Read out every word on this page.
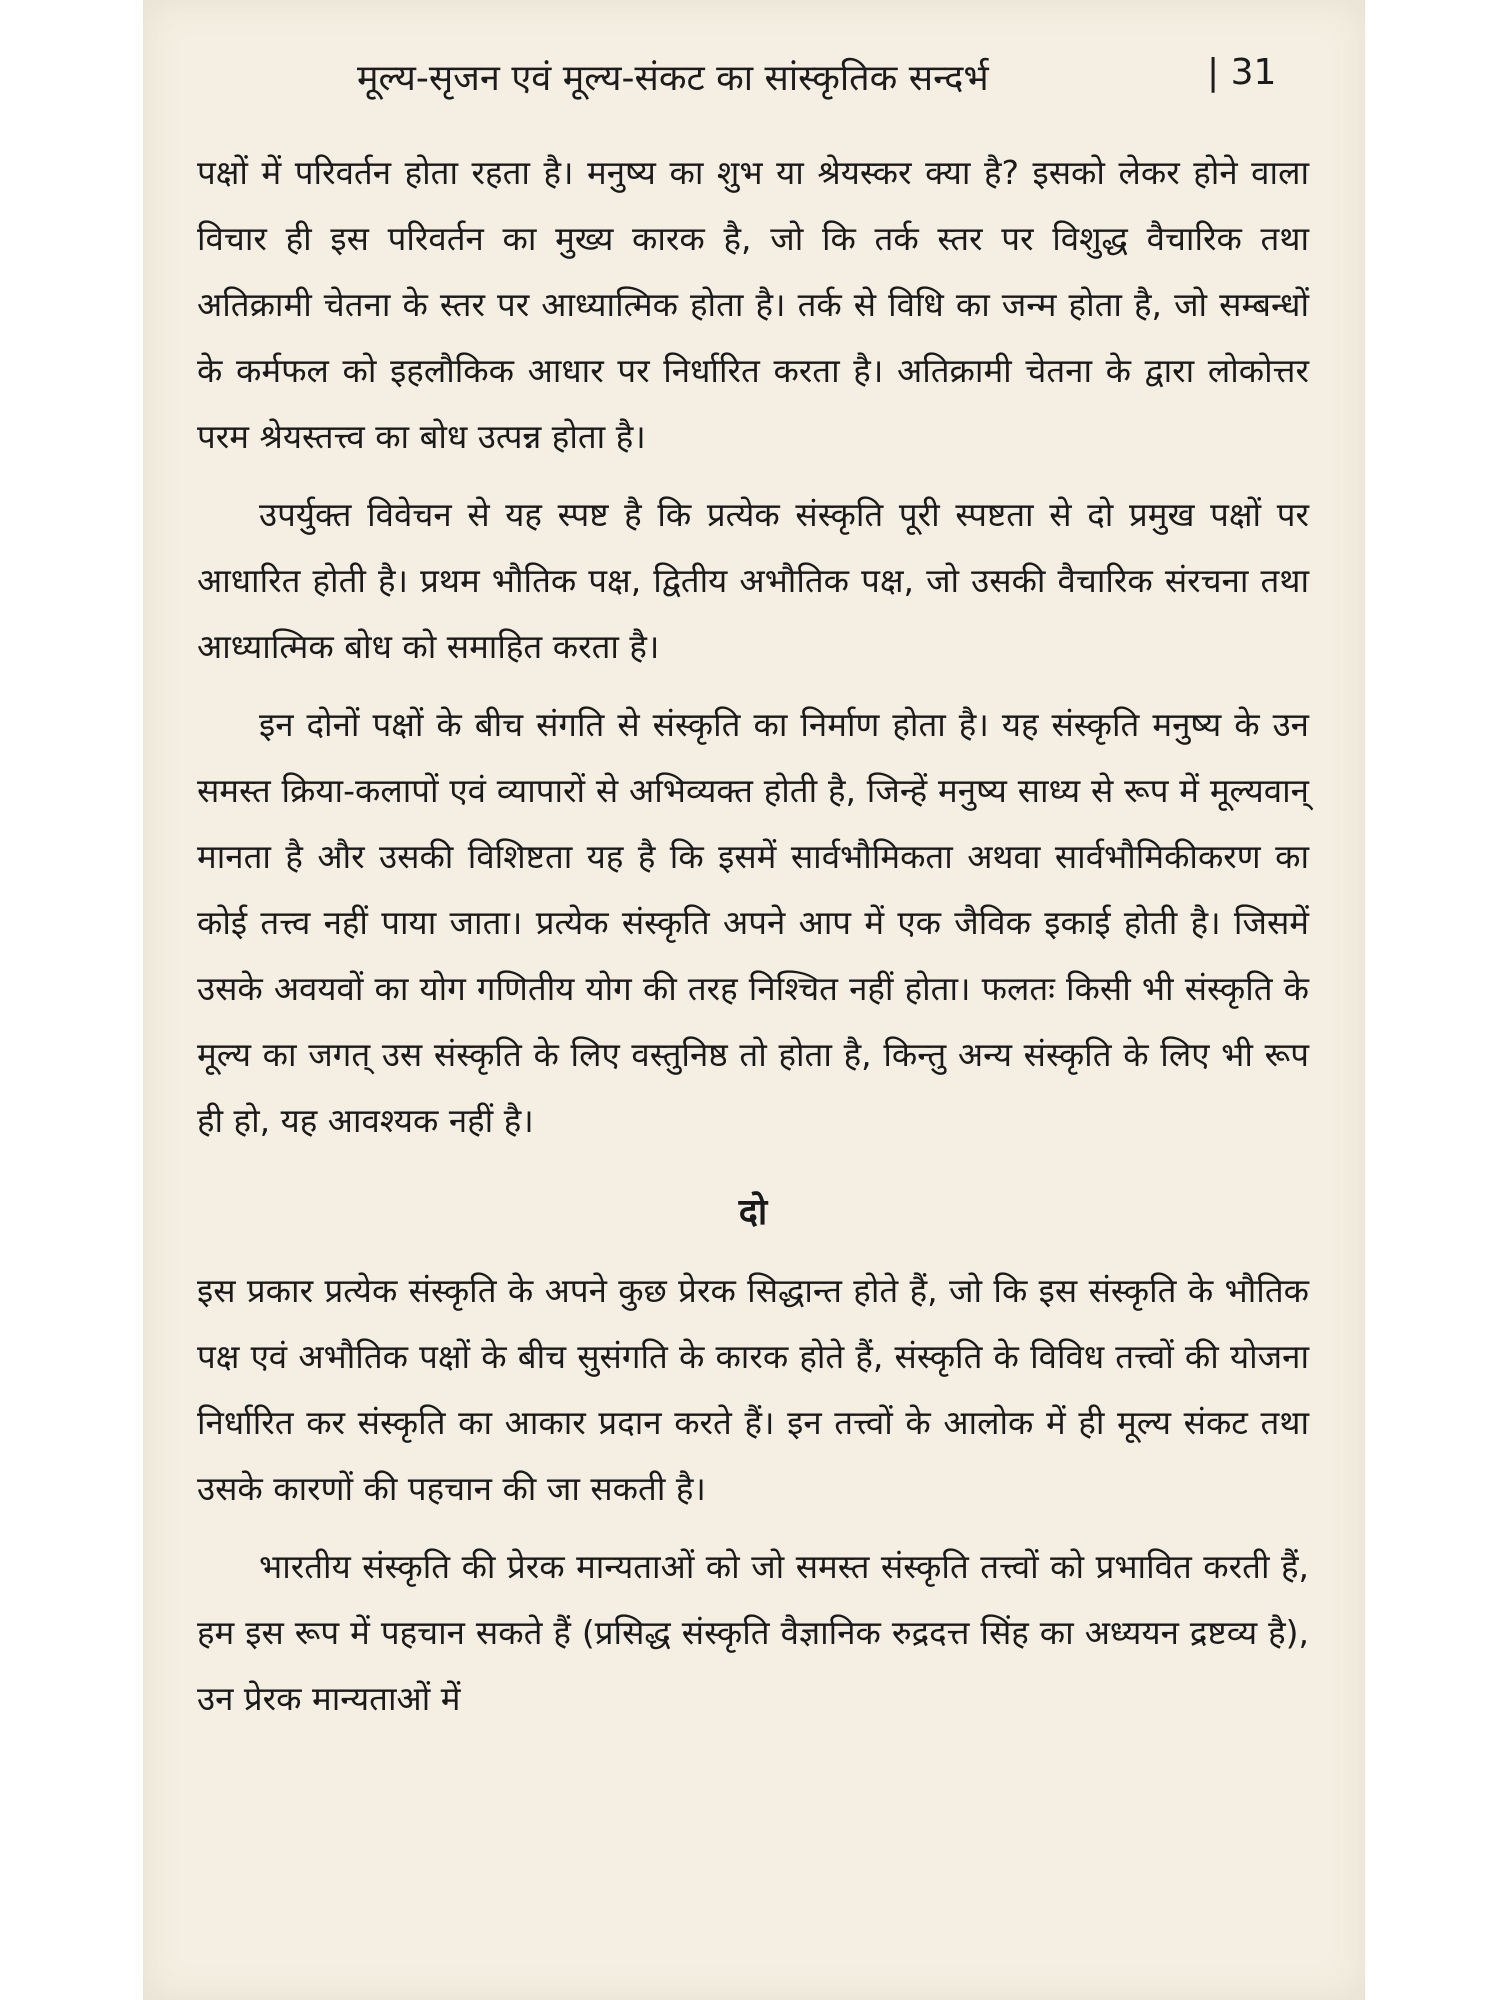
मूल्य-सृजन एवं मूल्य-संकट का सांस्कृतिक सन्दर्भ	| 31

पक्षों में परिवर्तन होता रहता है। मनुष्य का शुभ या श्रेयस्कर क्या है? इसको लेकर होने वाला विचार ही इस परिवर्तन का मुख्य कारक है, जो कि तर्क स्तर पर विशुद्ध वैचारिक तथा अतिक्रामी चेतना के स्तर पर आध्यात्मिक होता है। तर्क से विधि का जन्म होता है, जो सम्बन्धों के कर्मफल को इहलौकिक आधार पर निर्धारित करता है। अतिक्रामी चेतना के द्वारा लोकोत्तर परम श्रेयस्तत्त्व का बोध उत्पन्न होता है।

उपर्युक्त विवेचन से यह स्पष्ट है कि प्रत्येक संस्कृति पूरी स्पष्टता से दो प्रमुख पक्षों पर आधारित होती है। प्रथम भौतिक पक्ष, द्वितीय अभौतिक पक्ष, जो उसकी वैचारिक संरचना तथा आध्यात्मिक बोध को समाहित करता है।

इन दोनों पक्षों के बीच संगति से संस्कृति का निर्माण होता है। यह संस्कृति मनुष्य के उन समस्त क्रिया-कलापों एवं व्यापारों से अभिव्यक्त होती है, जिन्हें मनुष्य साध्य से रूप में मूल्यवान् मानता है और उसकी विशिष्टता यह है कि इसमें सार्वभौमिकता अथवा सार्वभौमिकीकरण का कोई तत्त्व नहीं पाया जाता। प्रत्येक संस्कृति अपने आप में एक जैविक इकाई होती है। जिसमें उसके अवयवों का योग गणितीय योग की तरह निश्चित नहीं होता। फलतः किसी भी संस्कृति के मूल्य का जगत् उस संस्कृति के लिए वस्तुनिष्ठ तो होता है, किन्तु अन्य संस्कृति के लिए भी रूप ही हो, यह आवश्यक नहीं है।

दो

इस प्रकार प्रत्येक संस्कृति के अपने कुछ प्रेरक सिद्धान्त होते हैं, जो कि इस संस्कृति के भौतिक पक्ष एवं अभौतिक पक्षों के बीच सुसंगति के कारक होते हैं, संस्कृति के विविध तत्त्वों की योजना निर्धारित कर संस्कृति का आकार प्रदान करते हैं। इन तत्त्वों के आलोक में ही मूल्य संकट तथा उसके कारणों की पहचान की जा सकती है।

भारतीय संस्कृति की प्रेरक मान्यताओं को जो समस्त संस्कृति तत्त्वों को प्रभावित करती हैं, हम इस रूप में पहचान सकते हैं (प्रसिद्ध संस्कृति वैज्ञानिक रुद्रदत्त सिंह का अध्ययन द्रष्टव्य है), उन प्रेरक मान्यताओं में
